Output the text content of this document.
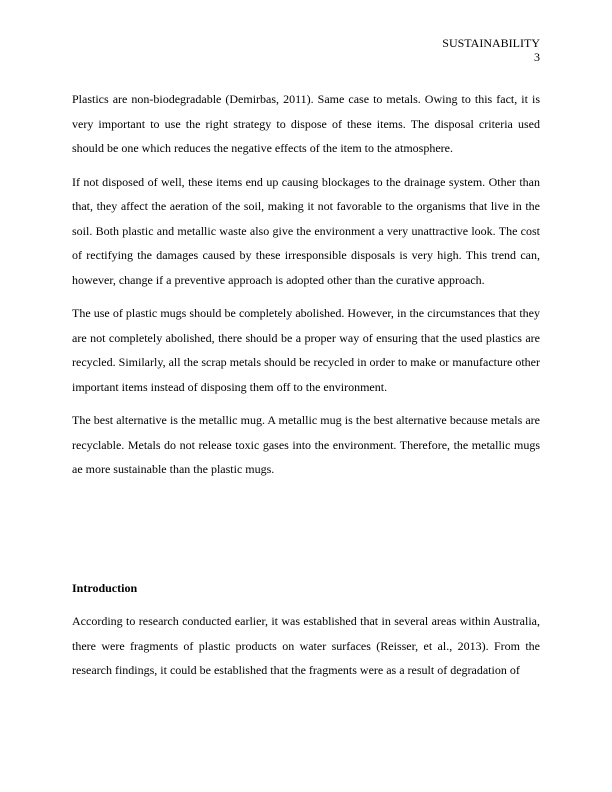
SUSTAINABILITY
3

Plastics are non-biodegradable (Demirbas, 2011). Same case to metals. Owing to this fact, it is very important to use the right strategy to dispose of these items. The disposal criteria used should be one which reduces the negative effects of the item to the atmosphere.

If not disposed of well, these items end up causing blockages to the drainage system. Other than that, they affect the aeration of the soil, making it not favorable to the organisms that live in the soil. Both plastic and metallic waste also give the environment a very unattractive look. The cost of rectifying the damages caused by these irresponsible disposals is very high. This trend can, however, change if a preventive approach is adopted other than the curative approach.

The use of plastic mugs should be completely abolished. However, in the circumstances that they are not completely abolished, there should be a proper way of ensuring that the used plastics are recycled. Similarly, all the scrap metals should be recycled in order to make or manufacture other important items instead of disposing them off to the environment.

The best alternative is the metallic mug. A metallic mug is the best alternative because metals are recyclable. Metals do not release toxic gases into the environment. Therefore, the metallic mugs ae more sustainable than the plastic mugs.

Introduction

According to research conducted earlier, it was established that in several areas within Australia, there were fragments of plastic products on water surfaces (Reisser, et al., 2013). From the research findings, it could be established that the fragments were as a result of degradation of
